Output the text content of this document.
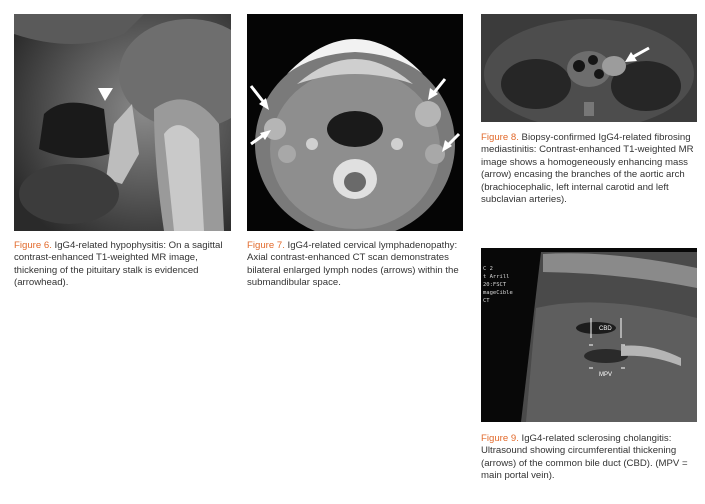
Figure 6. IgG4-related hypophysitis: On a sagittal contrast-enhanced T1-weighted MR image, thickening of the pituitary stalk is evidenced (arrowhead).
Figure 7. IgG4-related cervical lymphadenopathy: Axial contrast-enhanced CT scan demonstrates bilateral enlarged lymph nodes (arrows) within the submandibular space.
Figure 8. Biopsy-confirmed IgG4-related fibrosing mediastinitis: Contrast-enhanced T1-weighted MR image shows a homogeneously enhancing mass (arrow) encasing the branches of the aortic arch (brachiocephalic, left internal carotid and left subclavian arteries).
C 2
t Arrill
20:FSCT
mageCible
CT
CBD
MPV
Figure 9. IgG4-related sclerosing cholangitis: Ultrasound showing circumferential thickening (arrows) of the common bile duct (CBD). (MPV = main portal vein).
